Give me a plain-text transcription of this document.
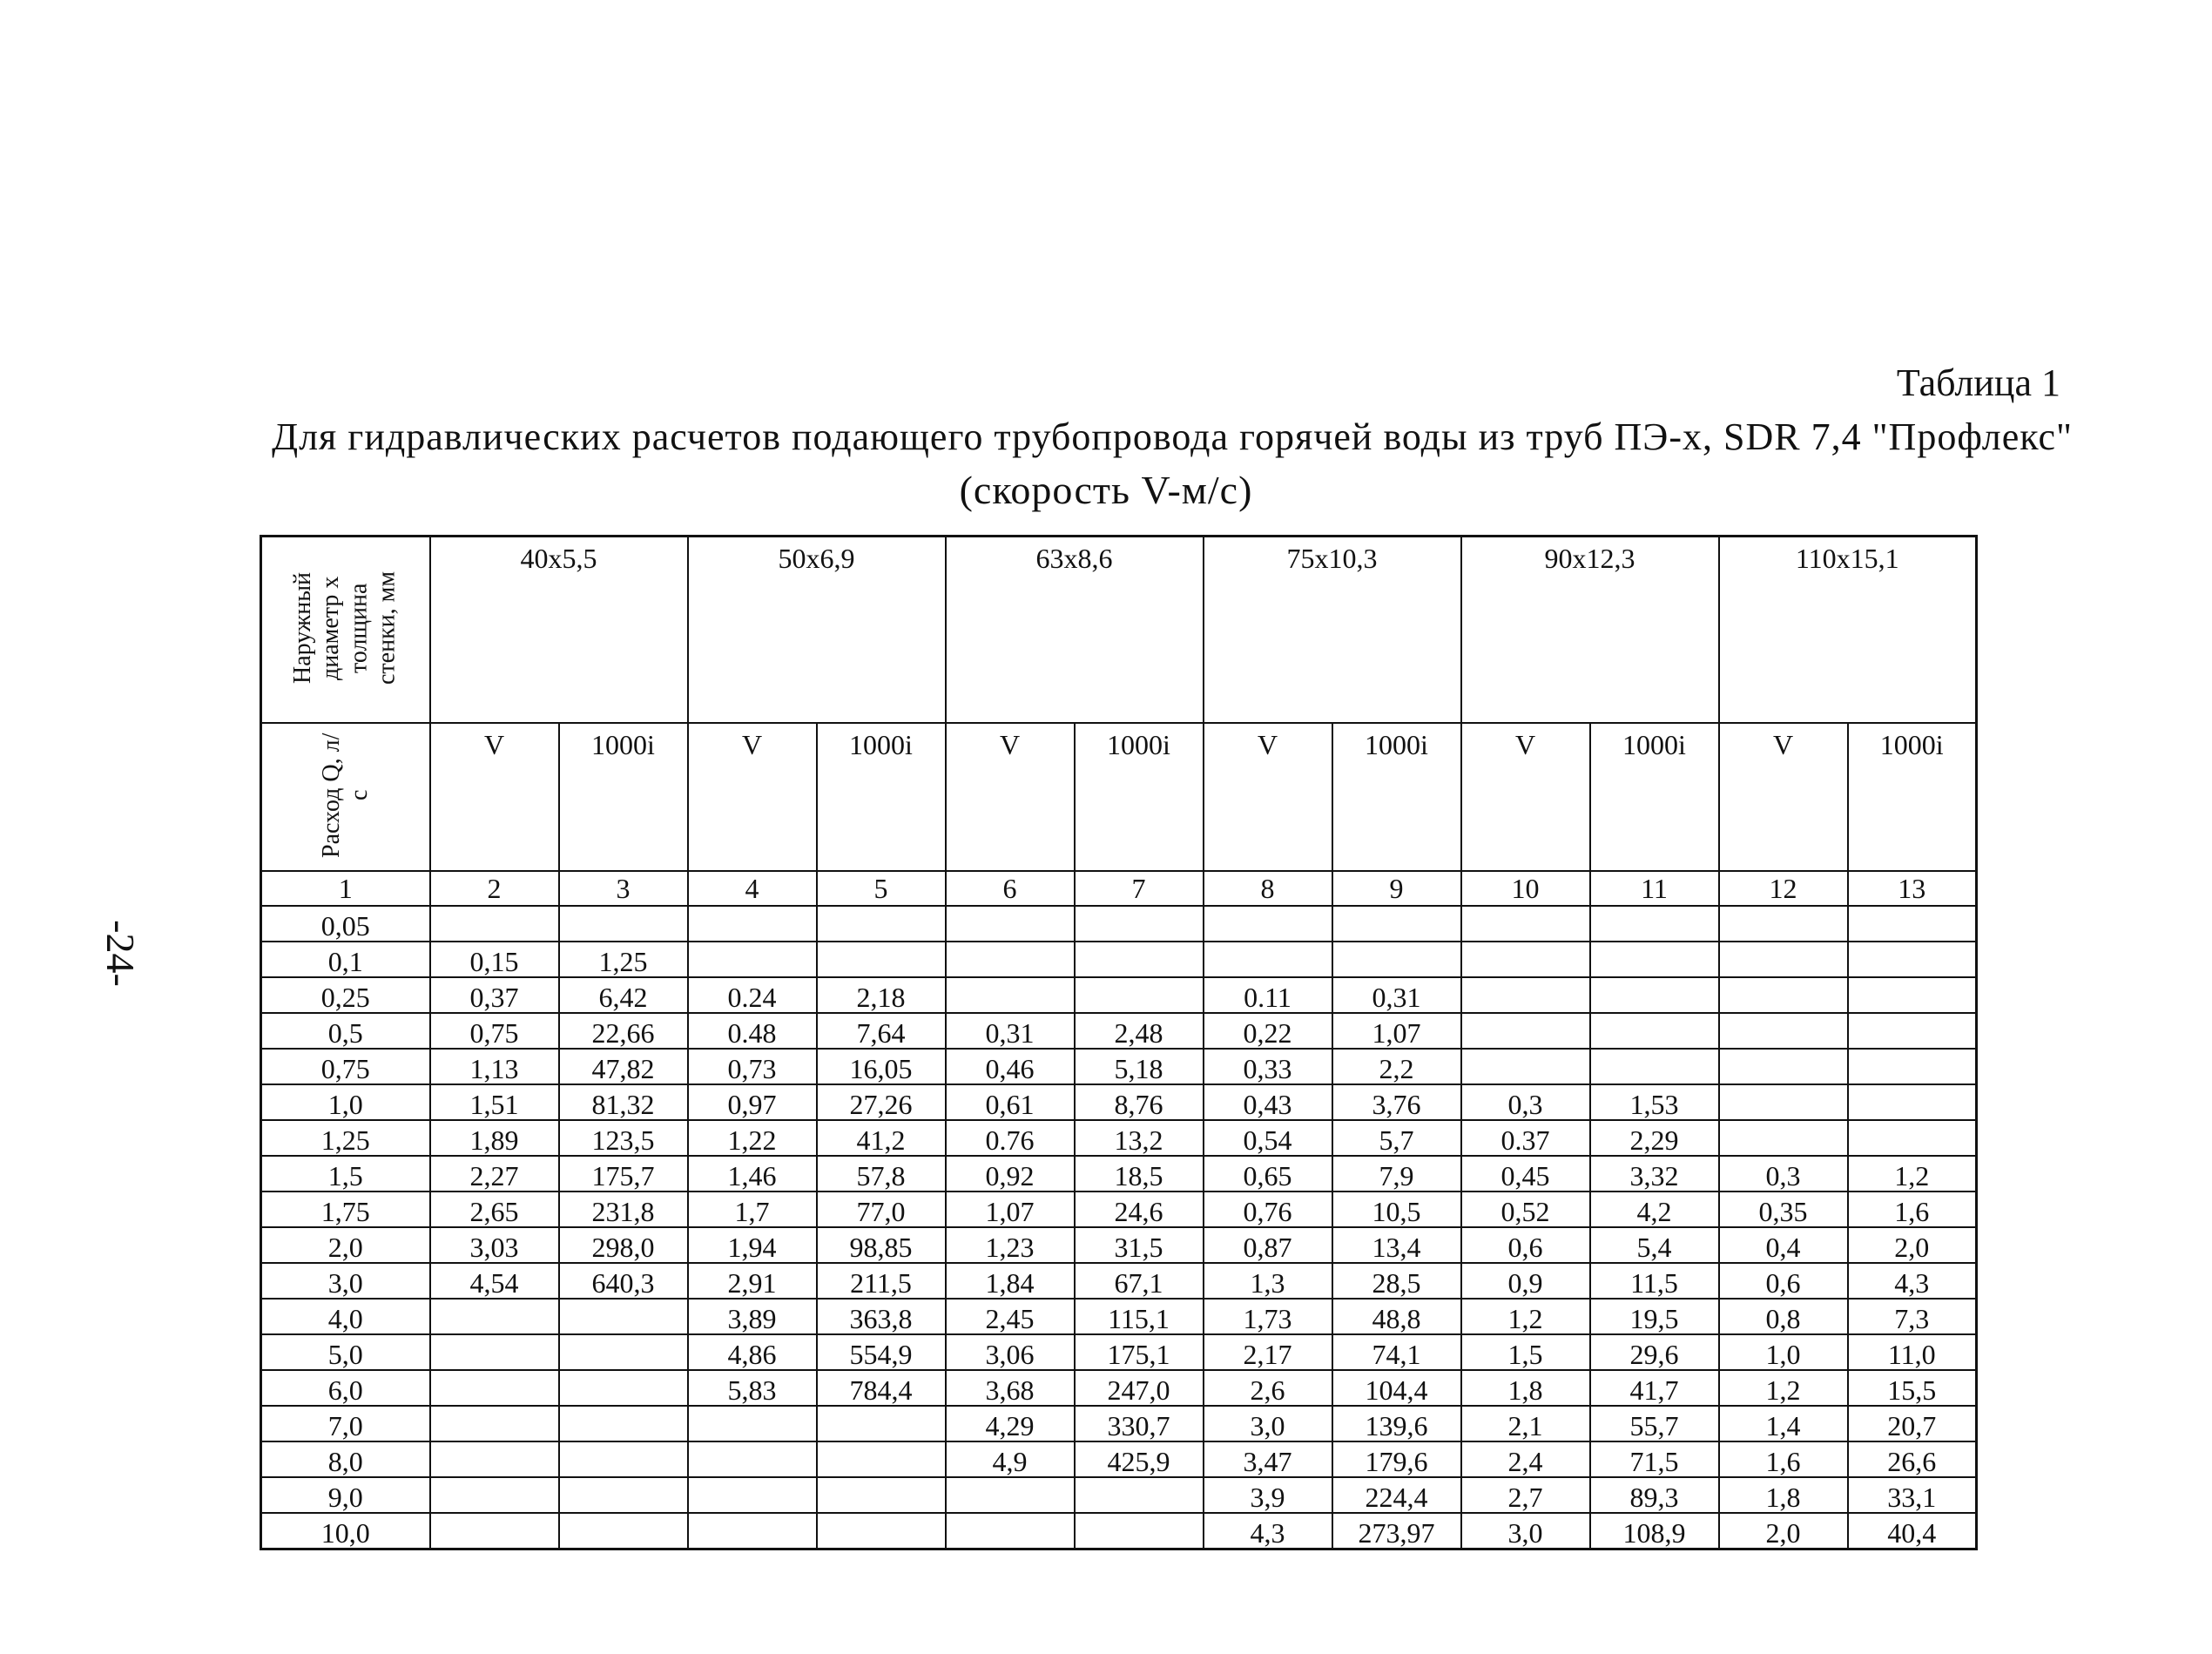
-24-
Таблица 1
Для гидравлических расчетов подающего трубопровода горячей воды из труб ПЭ-х, SDR 7,4 "Профлекс"
(скорость V-м/с)
Наружный диаметр х толщина стенки, мм	40x5,5		50x6,9		63x8,6		75x10,3		90x12,3		110x15,1	
Расход Q, л/с	V	1000i	V	1000i	V	1000i	V	1000i	V	1000i	V	1000i
1	2	3	4	5	6	7	8	9	10	11	12	13
0,05												
0,1	0,15	1,25										
0,25	0,37	6,42	0.24	2,18			0.11	0,31				
0,5	0,75	22,66	0.48	7,64	0,31	2,48	0,22	1,07				
0,75	1,13	47,82	0,73	16,05	0,46	5,18	0,33	2,2				
1,0	1,51	81,32	0,97	27,26	0,61	8,76	0,43	3,76	0,3	1,53		
1,25	1,89	123,5	1,22	41,2	0.76	13,2	0,54	5,7	0.37	2,29		
1,5	2,27	175,7	1,46	57,8	0,92	18,5	0,65	7,9	0,45	3,32	0,3	1,2
1,75	2,65	231,8	1,7	77,0	1,07	24,6	0,76	10,5	0,52	4,2	0,35	1,6
2,0	3,03	298,0	1,94	98,85	1,23	31,5	0,87	13,4	0,6	5,4	0,4	2,0
3,0	4,54	640,3	2,91	211,5	1,84	67,1	1,3	28,5	0,9	11,5	0,6	4,3
4,0			3,89	363,8	2,45	115,1	1,73	48,8	1,2	19,5	0,8	7,3
5,0			4,86	554,9	3,06	175,1	2,17	74,1	1,5	29,6	1,0	11,0
6,0			5,83	784,4	3,68	247,0	2,6	104,4	1,8	41,7	1,2	15,5
7,0					4,29	330,7	3,0	139,6	2,1	55,7	1,4	20,7
8,0					4,9	425,9	3,47	179,6	2,4	71,5	1,6	26,6
9,0							3,9	224,4	2,7	89,3	1,8	33,1
10,0							4,3	273,97	3,0	108,9	2,0	40,4
